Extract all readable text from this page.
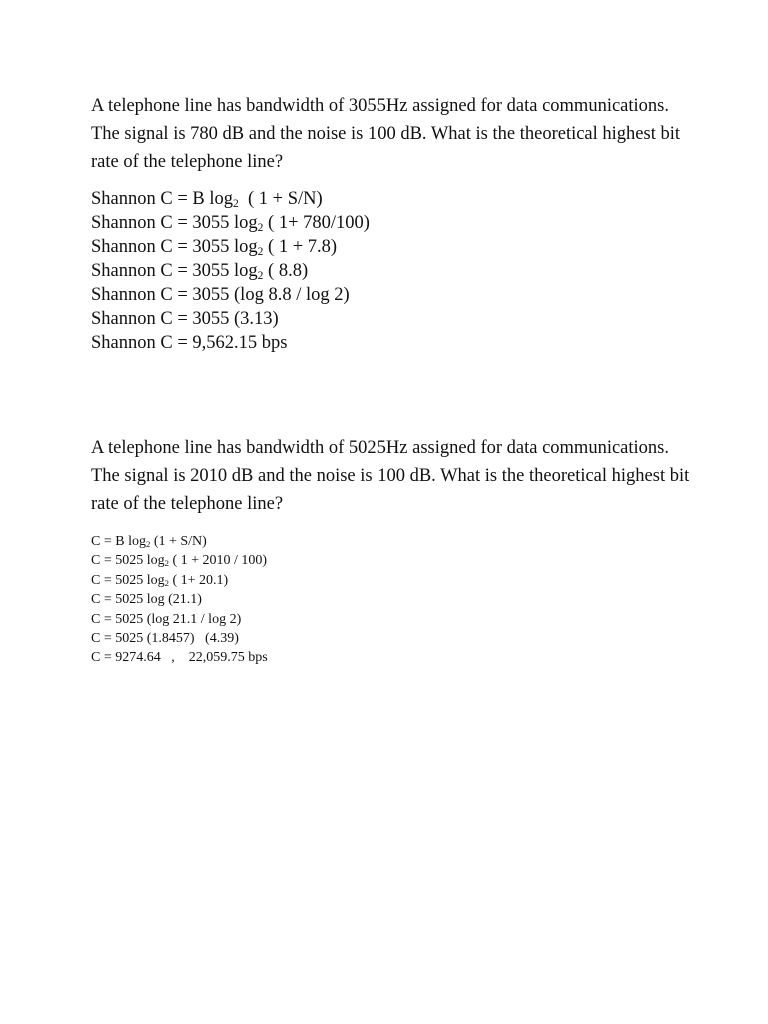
A telephone line has bandwidth of 3055Hz assigned for data communications. The signal is 780 dB and the noise is 100 dB. What is the theoretical highest bit rate of the telephone line?

Shannon C = B $\log_2$  ( 1 + S/N)
Shannon C = 3055 $\log_2$ ( 1+ 780/100)
Shannon C = 3055 $\log_2$ ( 1 + 7.8)
Shannon C = 3055 $\log_2$ ( 8.8)
Shannon C = 3055 (log 8.8 / log 2)
Shannon C = 3055 (3.13)
Shannon C = 9,562.15 bps

A telephone line has bandwidth of 5025Hz assigned for data communications. The signal is 2010 dB and the noise is 100 dB. What is the theoretical highest bit rate of the telephone line?

C = B $\log_2 (1 + S/N)$
C = 5025 $\log_2$ ( 1 + 2010 / 100)
C = 5025 $\log_2$ ( 1+ 20.1)
C = 5025 log (21.1)
C = 5025 (log 21.1 / log 2)
C = 5025 (1.8457)   (4.39)
C = 9274.64   ,    22,059.75 bps
